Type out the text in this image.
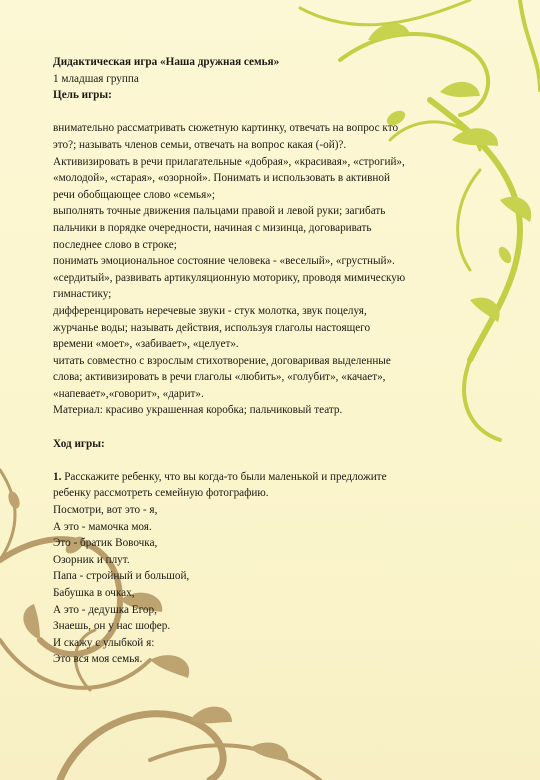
Дидактическая игра «Наша дружная семья»

1 младшая группа

Цель игры:

внимательно рассматривать сюжетную картинку, отвечать на вопрос кто

это?; называть членов семьи, отвечать на вопрос какая (-ой)?.

Активизировать в речи прилагательные «добрая», «красивая», «строгий»,

«молодой», «старая», «озорной». Понимать и использовать в активной

речи обобщающее слово «семья»;

выполнять точные движения пальцами правой и левой руки; загибать

пальчики в порядке очередности, начиная с мизинца, договаривать

последнее слово в строке;

понимать эмоциональное состояние человека - «веселый», «грустный».

«сердитый», развивать артикуляционную моторику, проводя мимическую

гимнастику;

дифференцировать неречевые звуки - стук молотка, звук поцелуя,

журчанье воды; называть действия, используя глаголы настоящего

времени «моет», «забивает», «целует».

читать совместно с взрослым стихотворение, договаривая выделенные

слова; активизировать в речи глаголы «любить», «голубит», «качает»,

«напевает»,«говорит», «дарит».

Материал: красиво украшенная коробка; пальчиковый театр.

Ход игры:

1. Расскажите ребенку, что вы когда-то были маленькой и предложите

ребенку рассмотреть семейную фотографию.

Посмотри, вот это - я,

А это - мамочка моя.

Это - братик Вовочка,

Озорник и плут.

Папа - стройный и большой,

Бабушка в очках,

А это - дедушка Егор,

Знаешь, он у нас шофер.

И скажу с улыбкой я:

Это вся моя семья.
